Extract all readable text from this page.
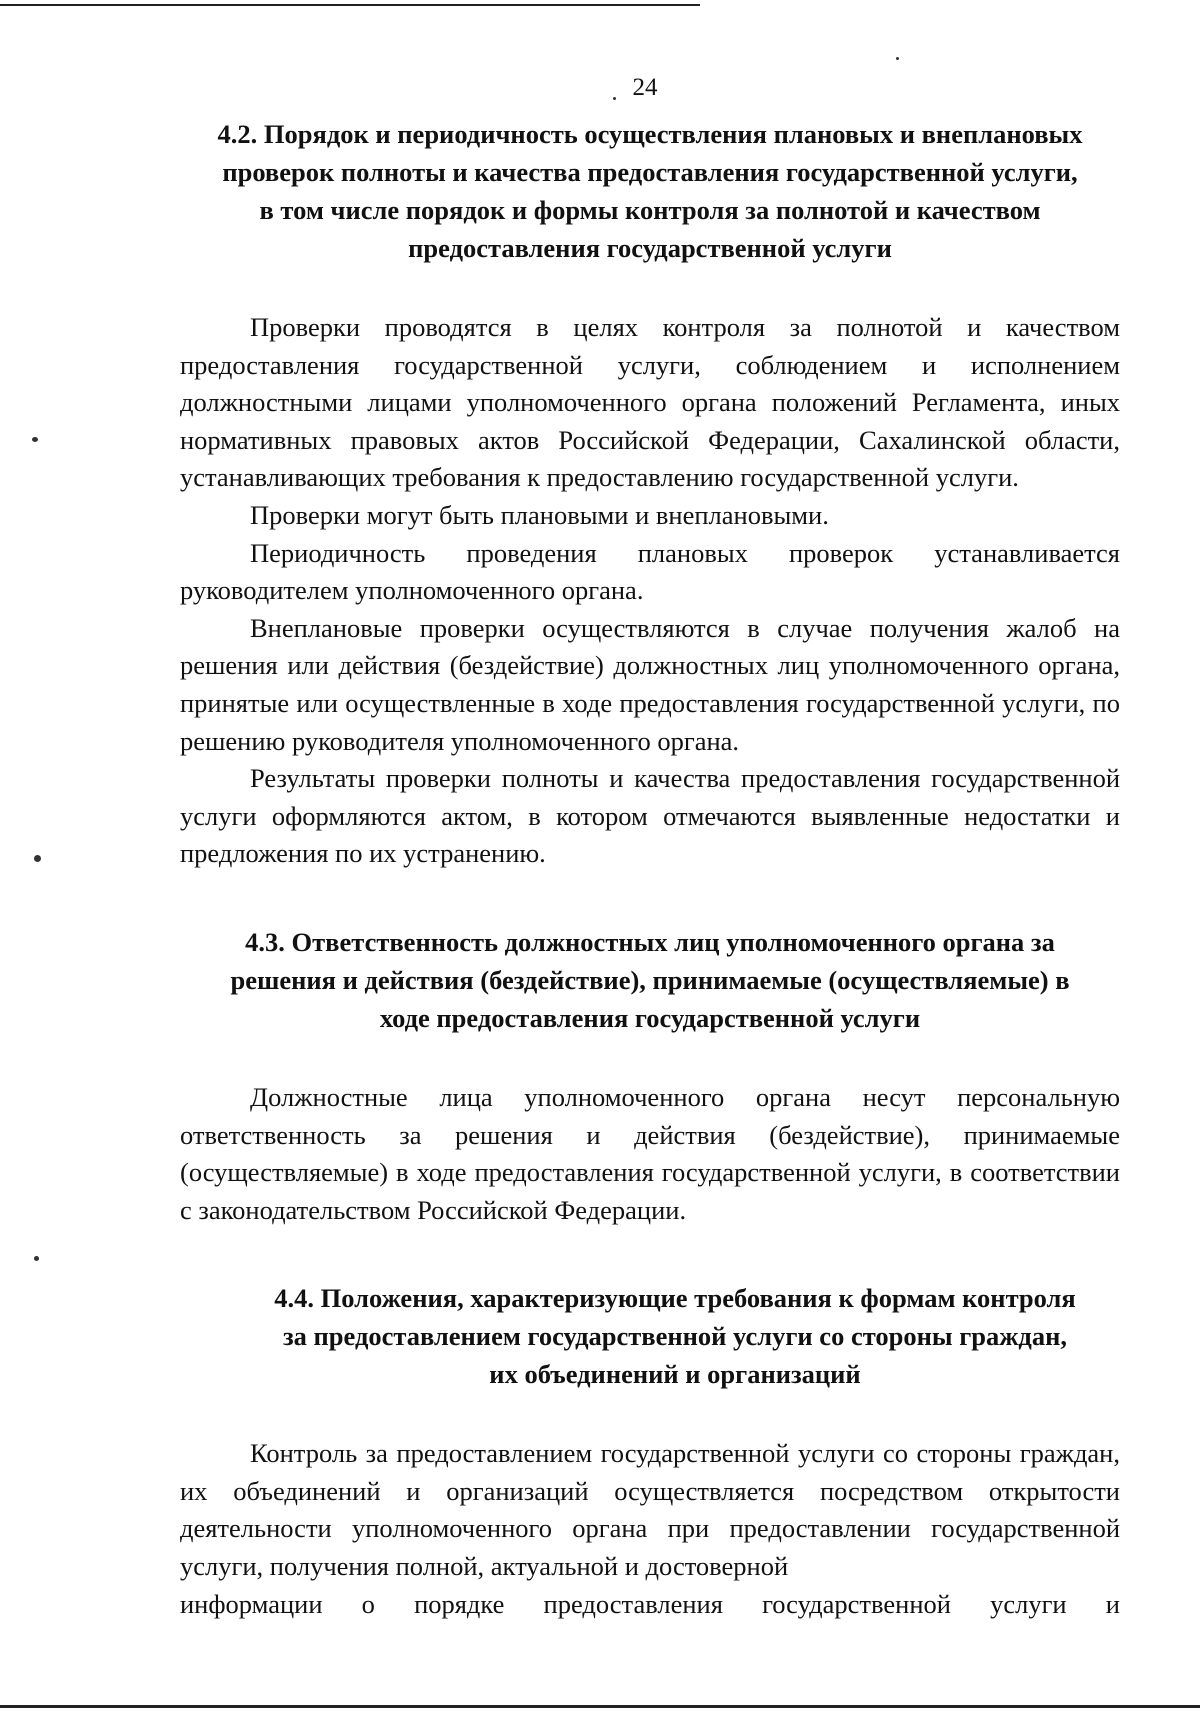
24
4.2. Порядок и периодичность осуществления плановых и внеплановых
проверок полноты и качества предоставления государственной услуги,
в том числе порядок и формы контроля за полнотой и качеством
предоставления государственной услуги

Проверки проводятся в целях контроля за полнотой и качеством предоставления государственной услуги, соблюдением и исполнением должностными лицами уполномоченного органа положений Регламента, иных нормативных правовых актов Российской Федерации, Сахалинской области, устанавливающих требования к предоставлению государственной услуги.

Проверки могут быть плановыми и внеплановыми.

Периодичность проведения плановых проверок устанавливается руководителем уполномоченного органа.

Внеплановые проверки осуществляются в случае получения жалоб на решения или действия (бездействие) должностных лиц уполномоченного органа, принятые или осуществленные в ходе предоставления государственной услуги, по решению руководителя уполномоченного органа.

Результаты проверки полноты и качества предоставления государственной услуги оформляются актом, в котором отмечаются выявленные недостатки и предложения по их устранению.

4.3. Ответственность должностных лиц уполномоченного органа за
решения и действия (бездействие), принимаемые (осуществляемые) в
ходе предоставления государственной услуги

Должностные лица уполномоченного органа несут персональную ответственность за решения и действия (бездействие), принимаемые (осуществляемые) в ходе предоставления государственной услуги, в соответствии с законодательством Российской Федерации.

4.4. Положения, характеризующие требования к формам контроля
за предоставлением государственной услуги со стороны граждан,
их объединений и организаций

Контроль за предоставлением государственной услуги со стороны граждан, их объединений и организаций осуществляется посредством открытости деятельности уполномоченного органа при предоставлении государственной услуги, получения полной, актуальной и достоверной

информации о порядке предоставления государственной услуги и
